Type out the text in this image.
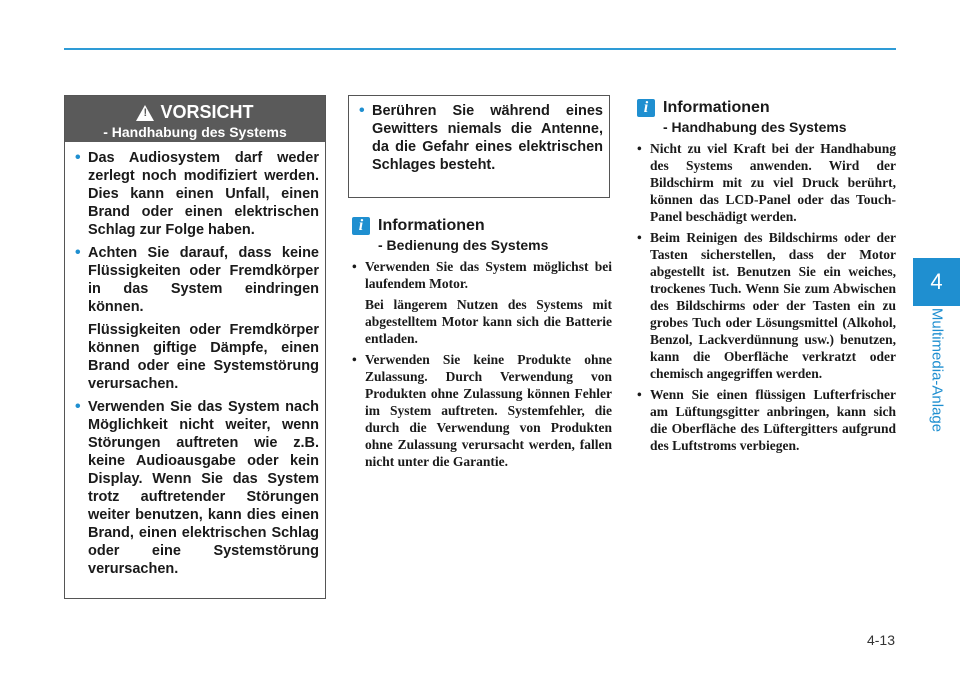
4
Multimedia-Anlage
!
VORSICHT
- Handhabung des Systems

• Das Audiosystem darf weder zerlegt noch modifiziert werden. Dies kann einen Unfall, einen Brand oder einen elektrischen Schlag zur Folge haben.

• Achten Sie darauf, dass keine Flüssigkeiten oder Fremdkörper in das System eindringen können.

Flüssigkeiten oder Fremdkörper können giftige Dämpfe, einen Brand oder eine Systemstörung verursachen.

• Verwenden Sie das System nach Möglichkeit nicht weiter, wenn Störungen auftreten wie z.B. keine Audioausgabe oder kein Display. Wenn Sie das System trotz auftretender Störungen weiter benutzen, kann dies einen Brand, einen elektrischen Schlag oder eine Systemstörung verursachen.

• Berühren Sie während eines Gewitters niemals die Antenne, da die Gefahr eines elektrischen Schlages besteht.

i Informationen
- Bedienung des Systems

• Verwenden Sie das System möglichst bei laufendem Motor.

Bei längerem Nutzen des Systems mit abgestelltem Motor kann sich die Batterie entladen.

• Verwenden Sie keine Produkte ohne Zulassung. Durch Verwendung von Produkten ohne Zulassung können Fehler im System auftreten. Systemfehler, die durch die Verwendung von Produkten ohne Zulassung verursacht werden, fallen nicht unter die Garantie.

i Informationen
- Handhabung des Systems

• Nicht zu viel Kraft bei der Handhabung des Systems anwenden. Wird der Bildschirm mit zu viel Druck berührt, können das LCD-Panel oder das Touch-Panel beschädigt werden.

• Beim Reinigen des Bildschirms oder der Tasten sicherstellen, dass der Motor abgestellt ist. Benutzen Sie ein weiches, trockenes Tuch. Wenn Sie zum Abwischen des Bildschirms oder der Tasten ein zu grobes Tuch oder Lösungsmittel (Alkohol, Benzol, Lackverdünnung usw.) benutzen, kann die Oberfläche verkratzt oder chemisch angegriffen werden.

• Wenn Sie einen flüssigen Lufterfrischer am Lüftungsgitter anbringen, kann sich die Oberfläche des Lüftergitters aufgrund des Luftstroms verbiegen.

4-13
